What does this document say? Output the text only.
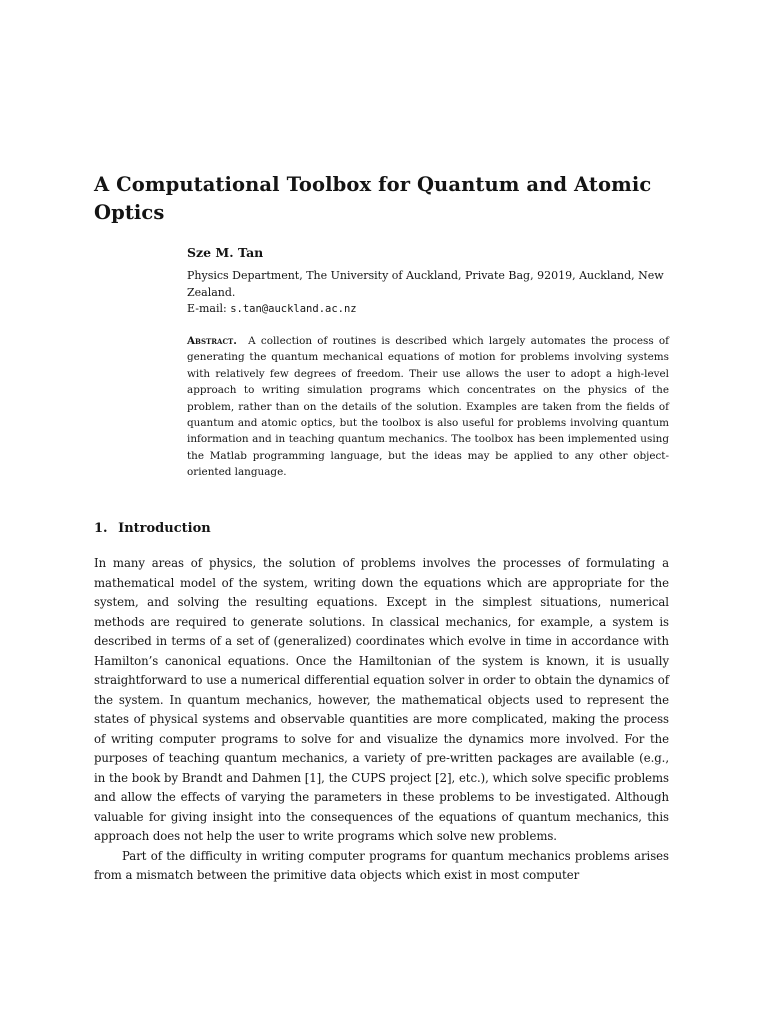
A Computational Toolbox for Quantum and Atomic Optics
Sze M. Tan
Physics Department, The University of Auckland, Private Bag, 92019, Auckland, New Zealand.
E-mail: s.tan@auckland.ac.nz

Abstract. A collection of routines is described which largely automates the process of generating the quantum mechanical equations of motion for problems involving systems with relatively few degrees of freedom. Their use allows the user to adopt a high-level approach to writing simulation programs which concentrates on the physics of the problem, rather than on the details of the solution. Examples are taken from the fields of quantum and atomic optics, but the toolbox is also useful for problems involving quantum information and in teaching quantum mechanics. The toolbox has been implemented using the Matlab programming language, but the ideas may be applied to any other object-oriented language.

1. Introduction

In many areas of physics, the solution of problems involves the processes of formulating a mathematical model of the system, writing down the equations which are appropriate for the system, and solving the resulting equations. Except in the simplest situations, numerical methods are required to generate solutions. In classical mechanics, for example, a system is described in terms of a set of (generalized) coordinates which evolve in time in accordance with Hamilton’s canonical equations. Once the Hamiltonian of the system is known, it is usually straightforward to use a numerical differential equation solver in order to obtain the dynamics of the system. In quantum mechanics, however, the mathematical objects used to represent the states of physical systems and observable quantities are more complicated, making the process of writing computer programs to solve for and visualize the dynamics more involved. For the purposes of teaching quantum mechanics, a variety of pre-written packages are available (e.g., in the book by Brandt and Dahmen [1], the CUPS project [2], etc.), which solve specific problems and allow the effects of varying the parameters in these problems to be investigated. Although valuable for giving insight into the consequences of the equations of quantum mechanics, this approach does not help the user to write programs which solve new problems.

Part of the difficulty in writing computer programs for quantum mechanics problems arises from a mismatch between the primitive data objects which exist in most computer
